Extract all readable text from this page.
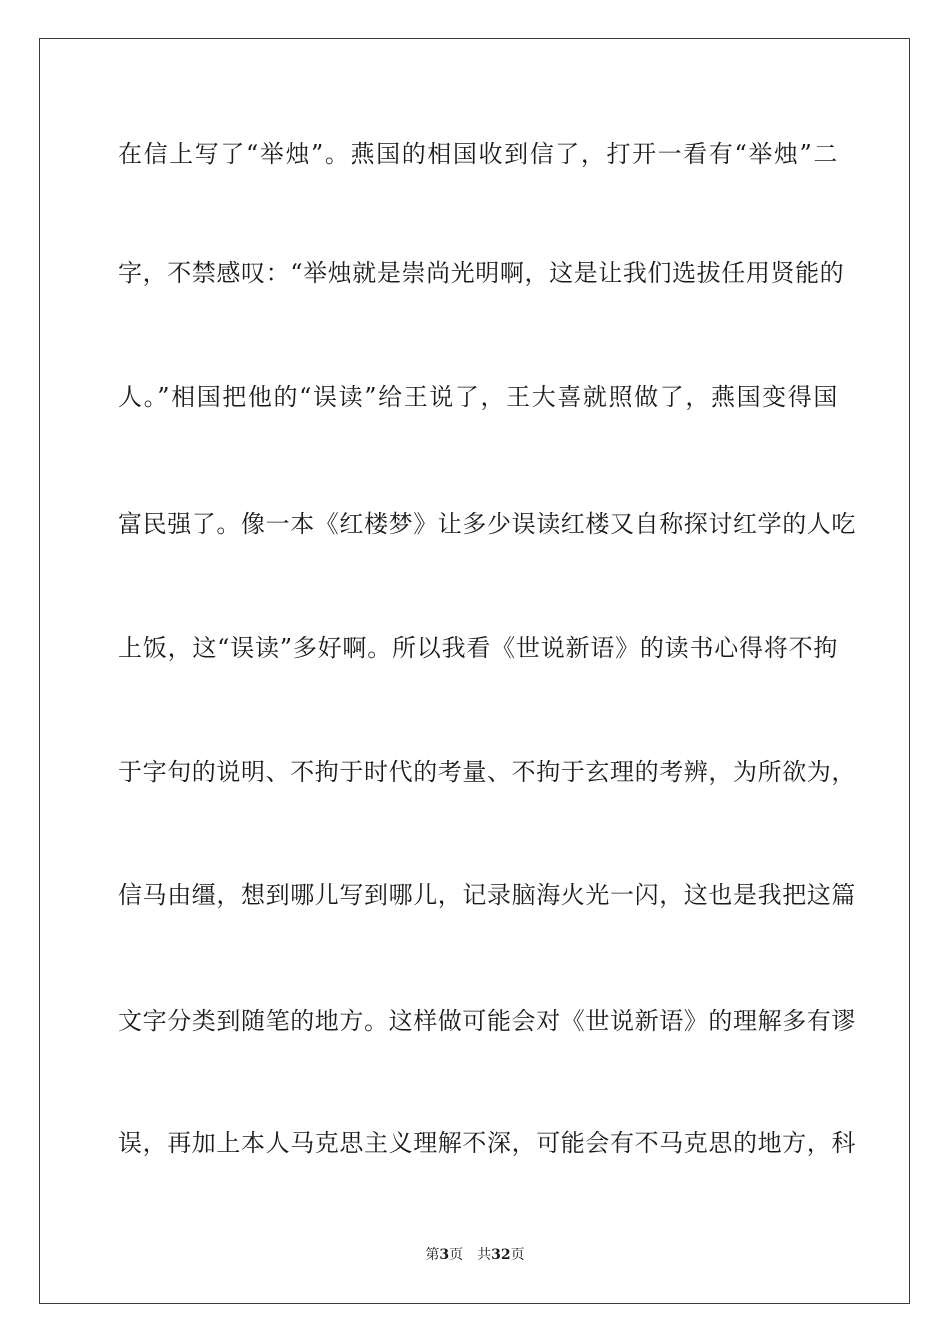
在信上写了“举烛”。燕国的相国收到信了，打开一看有“举烛”二
字，不禁感叹：“举烛就是崇尚光明啊，这是让我们选拔任用贤能的
人。”相国把他的“误读”给王说了，王大喜就照做了，燕国变得国
富民强了。像一本《红楼梦》让多少误读红楼又自称探讨红学的人吃
上饭，这“误读”多好啊。所以我看《世说新语》的读书心得将不拘
于字句的说明、不拘于时代的考量、不拘于玄理的考辨，为所欲为，
信马由缰，想到哪儿写到哪儿，记录脑海火光一闪，这也是我把这篇
文字分类到随笔的地方。这样做可能会对《世说新语》的理解多有谬
误，再加上本人马克思主义理解不深，可能会有不马克思的地方，科
第3页 共32页
